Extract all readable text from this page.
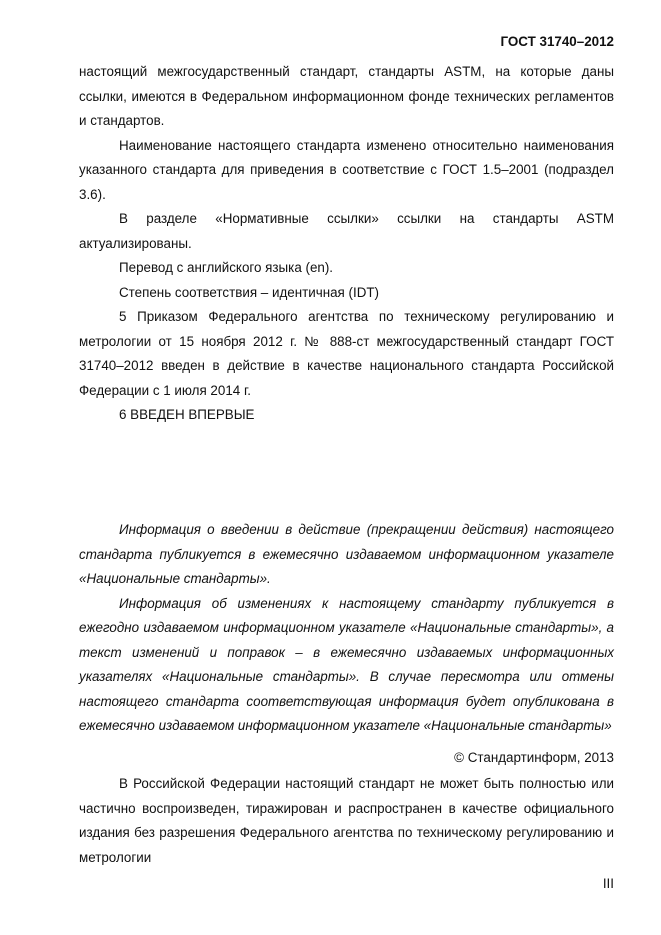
ГОСТ 31740–2012

настоящий межгосударственный стандарт, стандарты ASTM, на которые даны ссылки, имеются в Федеральном информационном фонде технических регламентов и стандартов.

Наименование настоящего стандарта изменено относительно наименования указанного стандарта для приведения в соответствие с ГОСТ 1.5–2001 (подраздел 3.6).

В разделе «Нормативные ссылки» ссылки на стандарты ASTM актуализированы.

Перевод с английского языка (en).

Степень соответствия – идентичная (IDT)

5 Приказом Федерального агентства по техническому регулированию и метрологии от 15 ноября 2012 г. № 888-ст межгосударственный стандарт ГОСТ 31740–2012 введен в действие в качестве национального стандарта Российской Федерации с 1 июля 2014 г.

6 ВВЕДЕН ВПЕРВЫЕ

Информация о введении в действие (прекращении действия) настоящего стандарта публикуется в ежемесячно издаваемом информационном указателе «Национальные стандарты».

Информация об изменениях к настоящему стандарту публикуется в ежегодно издаваемом информационном указателе «Национальные стандарты», а текст изменений и поправок – в ежемесячно издаваемых информационных указателях «Национальные стандарты». В случае пересмотра или отмены настоящего стандарта соответствующая информация будет опубликована в ежемесячно издаваемом информационном указателе «Национальные стандарты»

© Стандартинформ, 2013

В Российской Федерации настоящий стандарт не может быть полностью или частично воспроизведен, тиражирован и распространен в качестве официального издания без разрешения Федерального агентства по техническому регулированию и метрологии

III
